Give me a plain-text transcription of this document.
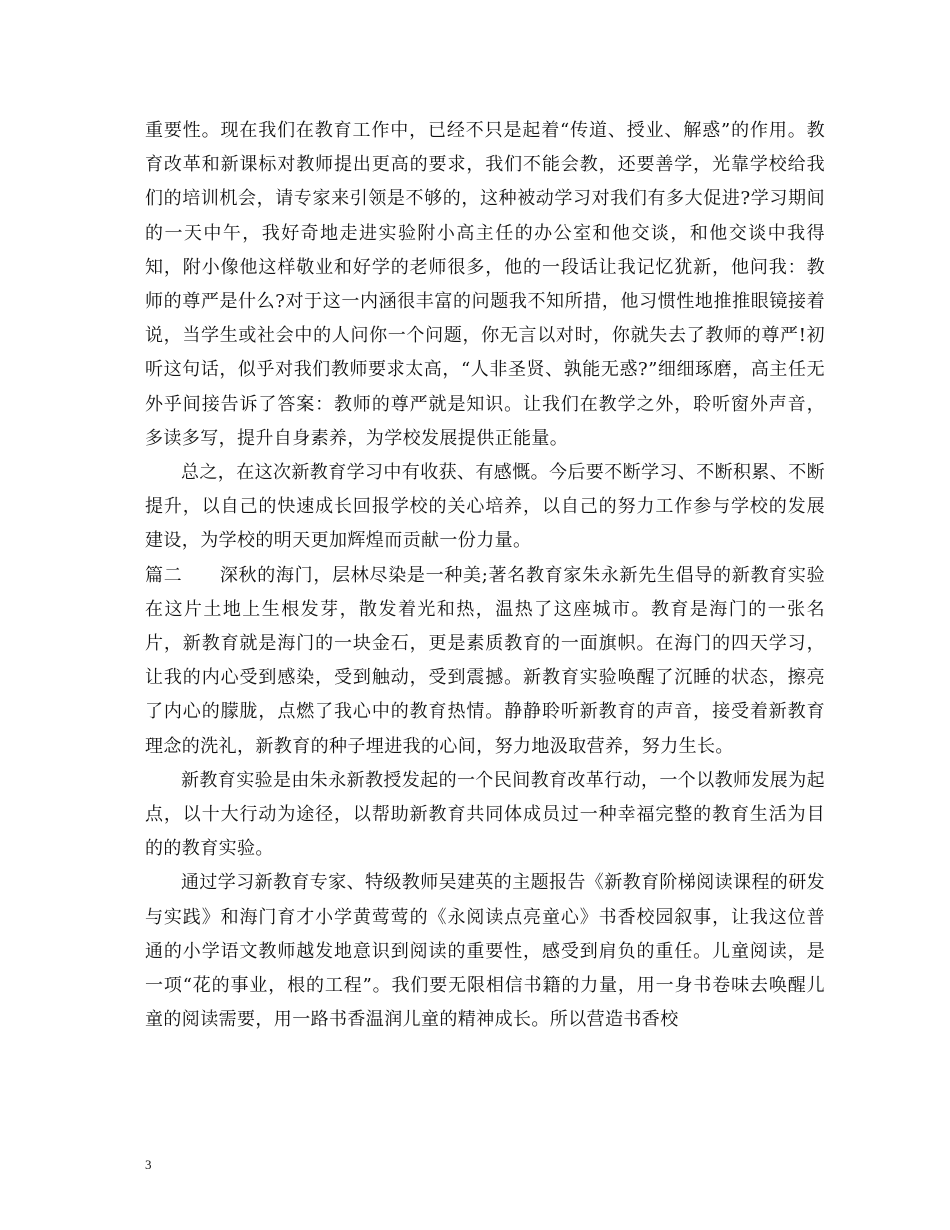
重要性。现在我们在教育工作中，已经不只是起着“传道、授业、解惑”的作用。教育改革和新课标对教师提出更高的要求，我们不能会教，还要善学，光靠学校给我们的培训机会，请专家来引领是不够的，这种被动学习对我们有多大促进?学习期间的一天中午，我好奇地走进实验附小高主任的办公室和他交谈，和他交谈中我得知，附小像他这样敬业和好学的老师很多，他的一段话让我记忆犹新，他问我：教师的尊严是什么?对于这一内涵很丰富的问题我不知所措，他习惯性地推推眼镜接着说，当学生或社会中的人问你一个问题，你无言以对时，你就失去了教师的尊严!初听这句话，似乎对我们教师要求太高，“人非圣贤、孰能无惑?”细细琢磨，高主任无外乎间接告诉了答案：教师的尊严就是知识。让我们在教学之外，聆听窗外声音，多读多写，提升自身素养，为学校发展提供正能量。

总之，在这次新教育学习中有收获、有感慨。今后要不断学习、不断积累、不断提升，以自己的快速成长回报学校的关心培养，以自己的努力工作参与学校的发展建设，为学校的明天更加辉煌而贡献一份力量。

篇二　　深秋的海门，层林尽染是一种美;著名教育家朱永新先生倡导的新教育实验在这片土地上生根发芽，散发着光和热，温热了这座城市。教育是海门的一张名片，新教育就是海门的一块金石，更是素质教育的一面旗帜。在海门的四天学习，让我的内心受到感染，受到触动，受到震撼。新教育实验唤醒了沉睡的状态，擦亮了内心的朦胧，点燃了我心中的教育热情。静静聆听新教育的声音，接受着新教育理念的洗礼，新教育的种子埋进我的心间，努力地汲取营养，努力生长。

新教育实验是由朱永新教授发起的一个民间教育改革行动，一个以教师发展为起点，以十大行动为途径，以帮助新教育共同体成员过一种幸福完整的教育生活为目的的教育实验。

通过学习新教育专家、特级教师吴建英的主题报告《新教育阶梯阅读课程的研发与实践》和海门育才小学黄莺莺的《永阅读点亮童心》书香校园叙事，让我这位普通的小学语文教师越发地意识到阅读的重要性，感受到肩负的重任。儿童阅读，是一项“花的事业，根的工程”。我们要无限相信书籍的力量，用一身书卷味去唤醒儿童的阅读需要，用一路书香温润儿童的精神成长。所以营造书香校

3
